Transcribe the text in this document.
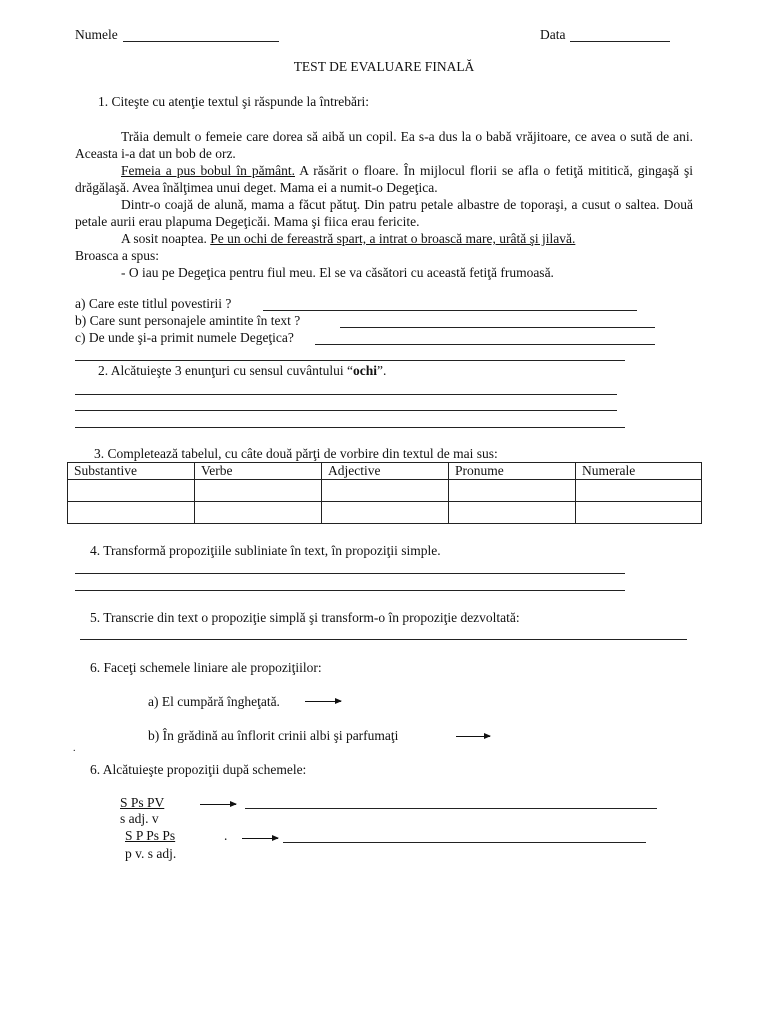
Numele	Data
TEST DE EVALUARE FINALĂ
1. Citeşte cu atenţie textul şi răspunde la întrebări:
Trăia demult o femeie care dorea să aibă un copil. Ea s-a dus la o babă vrăjitoare, ce avea o sută de ani. Aceasta i-a dat un bob de orz.
Femeia a pus bobul în pământ. A răsărit o floare. În mijlocul florii se afla o fetiţă mititică, gingaşă şi drăgălaşă. Avea înălţimea unui deget. Mama ei a numit-o Degeţica.
Dintr-o coajă de alună, mama a făcut pătuţ. Din patru petale albastre de toporaşi, a cusut o saltea. Două petale aurii erau plapuma Degeţicăi. Mama şi fiica erau fericite.
A sosit noaptea. Pe un ochi de fereastră spart, a intrat o broască mare, urâtă şi jilavă.
Broasca a spus:
- O iau pe Degeţica pentru fiul meu. El se va căsători cu această fetiţă frumoasă.
a) Care este titlul povestirii ?
b) Care sunt personajele amintite în text ?
c) De unde şi-a primit numele Degeţica?
2. Alcătuieşte 3 enunţuri cu sensul cuvântului “ochi”.
3. Completează tabelul, cu câte două părţi de vorbire din textul de mai sus:
Substantive	Verbe	Adjective	Pronume	Numerale

4. Transformă propoziţiile subliniate în text, în propoziţii simple.
5. Transcrie din text o propoziţie simplă şi transform-o în propoziţie dezvoltată:
6. Faceţi schemele liniare ale propoziţiilor:
a) El cumpără îngheţată.
b) În grădină au înflorit crinii albi şi parfumaţi
.
6. Alcătuieşte propoziţii după schemele:
S Ps PV
s adj. v
S P Ps Ps	.
p v. s adj.
